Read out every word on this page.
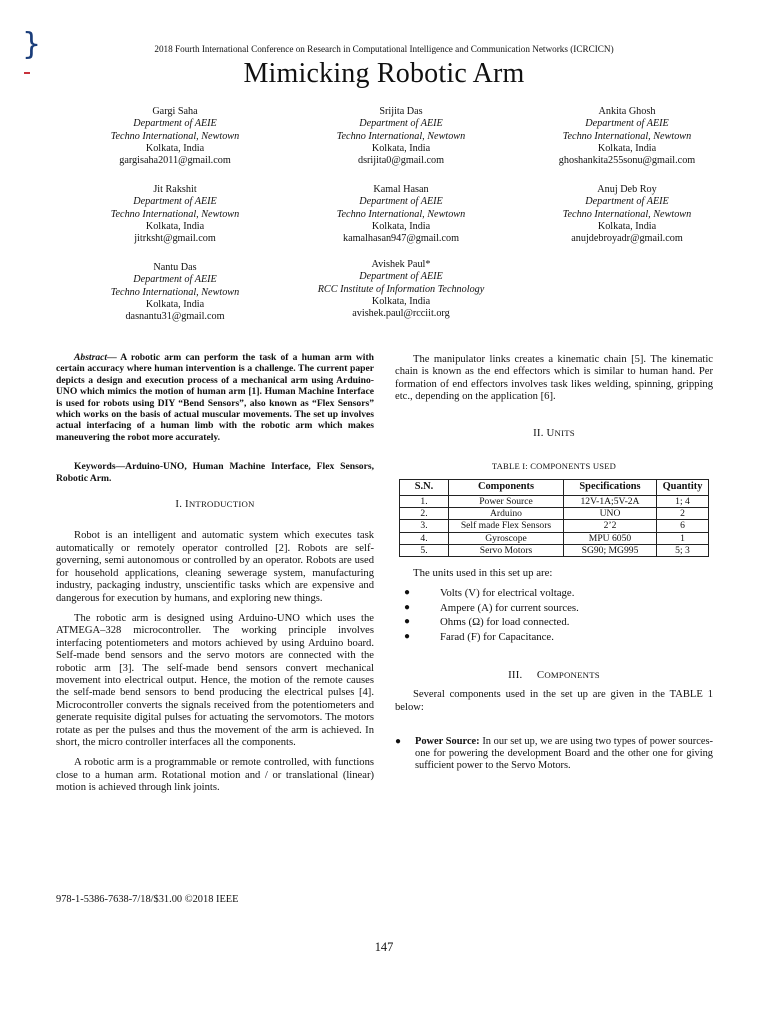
}	2018 Fourth International Conference on Research in Computational Intelligence and Communication Networks (ICRCICN)
Mimicking Robotic Arm
Gargi Saha
Department of AEIE
Techno International, Newtown
Kolkata, India
gargisaha2011@gmail.com
Srijita Das
Department of AEIE
Techno International, Newtown
Kolkata, India
dsrijita0@gmail.com
Ankita Ghosh
Department of AEIE
Techno International, Newtown
Kolkata, India
ghoshankita255sonu@gmail.com
Jit Rakshit
Department of AEIE
Techno International, Newtown
Kolkata, India
jitrksht@gmail.com
Kamal Hasan
Department of AEIE
Techno International, Newtown
Kolkata, India
kamalhasan947@gmail.com
Anuj Deb Roy
Department of AEIE
Techno International, Newtown
Kolkata, India
anujdebroyadr@gmail.com
Nantu Das
Department of AEIE
Techno International, Newtown
Kolkata, India
dasnantu31@gmail.com
Avishek Paul*
Department of AEIE
RCC Institute of Information Technology
Kolkata, India
avishek.paul@rcciit.org

Abstract— A robotic arm can perform the task of a human arm with certain accuracy where human intervention is a challenge. The current paper depicts a design and execution process of a mechanical arm using Arduino-UNO which mimics the motion of human arm [1]. Human Machine Interface is used for robots using DIY “Bend Sensors”, also known as “Flex Sensors” which works on the basis of actual muscular movements. The set up involves actual interfacing of a human limb with the robotic arm which makes maneuvering the robot more accurately.

Keywords—Arduino-UNO, Human Machine Interface, Flex Sensors, Robotic Arm.

I. INTRODUCTION

Robot is an intelligent and automatic system which executes task automatically or remotely operator controlled [2]. Robots are self-governing, semi autonomous or controlled by an operator. Robots are used for household applications, cleaning sewerage system, manufacturing industry, packaging industry, unscientific tasks which are expensive and dangerous for execution by humans, and exploring new things.

The robotic arm is designed using Arduino-UNO which uses the ATMEGA–328 microcontroller. The working principle involves interfacing potentiometers and motors achieved by using Arduino board. Self-made bend sensors and the servo motors are connected with the robotic arm [3]. The self-made bend sensors convert mechanical movement into electrical output. Hence, the motion of the remote causes the self-made bend sensors to bend producing the electrical pulses [4]. Microcontroller converts the signals received from the potentiometers and generate requisite digital pulses for actuating the servomotors. The motors rotate as per the pulses and thus the movement of the arm is achieved. In short, the micro controller interfaces all the components.

A robotic arm is a programmable or remote controlled, with functions close to a human arm. Rotational motion and / or translational (linear) motion is achieved through link joints.

The manipulator links creates a kinematic chain [5]. The kinematic chain is known as the end effectors which is similar to human hand. Per formation of end effectors involves task likes welding, spinning, gripping etc., depending on the application [6].

II. UNITS
TABLE I: COMPONENTS USED
S.N.	Components	Specifications	Quantity
1.	Power Source	12V-1A;5V-2A	1; 4
2.	Arduino	UNO	2
3.	Self made Flex Sensors	2’2	6
4.	Gyroscope	MPU 6050	1
5.	Servo Motors	SG90; MG995	5; 3

The units used in this set up are:

●	Volts (V) for electrical voltage.
●	Ampere (A) for current sources.
●	Ohms (Ω) for load connected.
●	Farad (F) for Capacitance.
III. COMPONENTS

Several components used in the set up are given in the TABLE 1 below:

● Power Source: In our set up, we are using two types of power sources- one for powering the development Board and the other one for giving sufficient power to the Servo Motors.
978-1-5386-7638-7/18/$31.00 ©2018 IEEE
147
